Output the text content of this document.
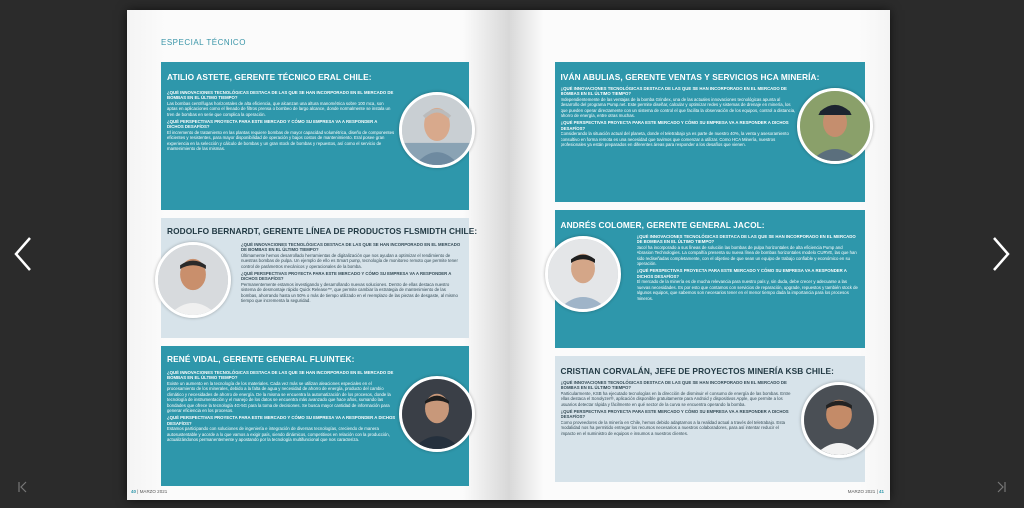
ESPECIAL TÉCNICO
ATILIO ASTETE, GERENTE TÉCNICO ERAL CHILE:
¿QUÉ INNOVACIONES TECNOLÓGICAS DESTACA DE LAS QUE SE HAN INCORPORADO EN EL MERCADO DE BOMBAS EN EL ÚLTIMO TIEMPO?
Las bombas centrífugas horizontales de alta eficiencia, que alcanzan una altura manométrica sobre 100 mca, son aptas en aplicaciones como el llenado de filtros prensa o bombeo de largo alcance, donde normalmente se instala un tren de bombas en serie que complica la operación.
¿QUÉ PERSPECTIVAS PROYECTA PARA ESTE MERCADO Y CÓMO SU EMPRESA VA A RESPONDER A DICHOS DESAFÍOS?
El incremento de tratamiento en las plantas requiere bombas de mayor capacidad volumétrica, diseño de componentes eficientes y resistentes, para mayor disponibilidad de operación y bajos costos de mantenimiento. Eral posee gran experiencia en la selección y cálculo de bombas y un gran stock de bombas y repuestos, así como el servicio de mantenimiento de las mismas.
RODOLFO BERNARDT, GERENTE LÍNEA DE PRODUCTOS FLSMIDTH CHILE:
¿QUÉ INNOVACIONES TECNOLÓGICAS DESTACA DE LAS QUE SE HAN INCORPORADO EN EL MERCADO DE BOMBAS EN EL ÚLTIMO TIEMPO?
Últimamente hemos desarrollado herramientas de digitalización que nos ayudan a optimizar el rendimiento de nuestras bombas de pulpa. Un ejemplo de ello es Smart pump, tecnología de monitoreo remoto que permite tener control de parámetros mecánicos y operacionales de la bomba.
¿QUÉ PERSPECTIVAS PROYECTA PARA ESTE MERCADO Y CÓMO SU EMPRESA VA A RESPONDER A DICHOS DESAFÍOS?
Permanentemente estamos investigando y desarrollando nuevas soluciones. Dentro de ellas destaca nuestro sistema de desmontaje rápido Quick Release™, que permite cambiar la estrategia de mantenimiento de las bombas, ahorrando hasta un 50% o más de tiempo utilizado en el reemplazo de las piezas de desgaste, al mismo tiempo que incrementa la seguridad.
RENÉ VIDAL, GERENTE GENERAL FLUINTEK:
¿QUÉ INNOVACIONES TECNOLÓGICAS DESTACA DE LAS QUE SE HAN INCORPORADO EN EL MERCADO DE BOMBAS EN EL ÚLTIMO TIEMPO?
Existe un aumento en la tecnología de los materiales. Cada vez más se utilizan aleaciones especiales en el procesamiento de los minerales, debido a la falta de agua y necesidad de ahorro de energía, producto del cambio climático y necesidades de ahorro de energía. De la misma se encuentra la automatización de los procesos, donde la tecnología de instrumentación y el manejo de los datos se encuentra más avanzado que hace años, sumando las bondades que ofrece la tecnología 4G-5G para la toma de decisiones. Se busca mayor cantidad de información para generar eficiencia en los procesos.
¿QUÉ PERSPECTIVAS PROYECTA PARA ESTE MERCADO Y CÓMO SU EMPRESA VA A RESPONDER A DICHOS DESAFÍOS?
Estamos participando con soluciones de ingeniería e integración de diversas tecnologías, creciendo de manera autosustentable y acorde a lo que vamos a exigir país, siendo dinámicos, competitivos en relación con la producción, actualizándonos permanentemente y apostando por la tecnología multifuncional que nos caracteriza.
40 | MARZO 2021
IVÁN ABULIAS, GERENTE VENTAS Y SERVICIOS HCA MINERÍA:
¿QUÉ INNOVACIONES TECNOLÓGICAS DESTACA DE LAS QUE SE HAN INCORPORADO EN EL MERCADO DE BOMBAS EN EL ÚLTIMO TIEMPO?
Independientemente de las ventajas de la bomba Grindex, una de las actuales innovaciones tecnológicas apunta al desarrollo del programa Pump.net. Este permite diseñar, calcular y optimizar redes y sistemas de drenaje en minería, los que pueden operar directamente con un sistema de control el que facilita la observación de los equipos, control a distancia, ahorro de energía, entre otras muchas.
¿QUÉ PERSPECTIVAS PROYECTA PARA ESTE MERCADO Y CÓMO SU EMPRESA VA A RESPONDER A DICHOS DESAFÍOS?
Considerando la situación actual del planeta, donde el teletrabajo ya es parte de nuestro 40%, la venta y asesoramiento consultivo en forma remota es una necesidad que tuvimos que comenzar a utilizar. Como HCA Minería, nuestros profesionales ya están preparados en diferentes áreas para responder a los desafíos que vienen.
ANDRÉS COLOMER, GERENTE GENERAL JACOL:
¿QUÉ INNOVACIONES TECNOLÓGICAS DESTACA DE LAS QUE SE HAN INCORPORADO EN EL MERCADO DE BOMBAS EN EL ÚLTIMO TIEMPO?
Jacol ha incorporado a sus líneas de solución las bombas de pulpa horizontales de alta eficiencia Pump and Abrasion Technologies. La compañía presenta su nueva línea de bombas horizontales modelo CURVE, las que han sido rediseñadas completamente, con el objetivo de que sean un equipo de trabajo confiable y económico en su operación.
¿QUÉ PERSPECTIVAS PROYECTA PARA ESTE MERCADO Y CÓMO SU EMPRESA VA A RESPONDER A DICHOS DESAFÍOS?
El mercado de la minería es de mucha relevancia para nuestro país y, sin duda, debe crecer y adecuarse a las nuevas necesidades. Es por esto que contamos con servicios de reparación, upgrade, repuestos y también stock de algunos equipos, que sabemos son necesarios tener en el menor tiempo dada la importancia para los procesos mineros.
CRISTIAN CORVALÁN, JEFE DE PROYECTOS MINERÍA KSB CHILE:
¿QUÉ INNOVACIONES TECNOLÓGICAS DESTACA DE LAS QUE SE HAN INCORPORADO EN EL MERCADO DE BOMBAS EN EL ÚLTIMO TIEMPO?
Particularmente, KSB ha ejecutado tecnologías en la dirección de disminuir el consumo de energía de las bombas. Entre ellas destaca el Sonolyzer®, aplicación disponible gratuitamente para Android y dispositivos Apple, que permite a los usuarios detectar rápida y fácilmente en qué sector de la curva se encuentra operando la bomba.
¿QUÉ PERSPECTIVAS PROYECTA PARA ESTE MERCADO Y CÓMO SU EMPRESA VA A RESPONDER A DICHOS DESAFÍOS?
Como proveedores de la minería en Chile, hemos debido adaptarnos a la realidad actual a través del teletrabajo. Esta modalidad nos ha permitido entregar los recursos necesarios a nuestros colaboradores, para así intentar reducir el impacto en el suministro de equipos e insumos a nuestros clientes.
MARZO 2021 | 41
